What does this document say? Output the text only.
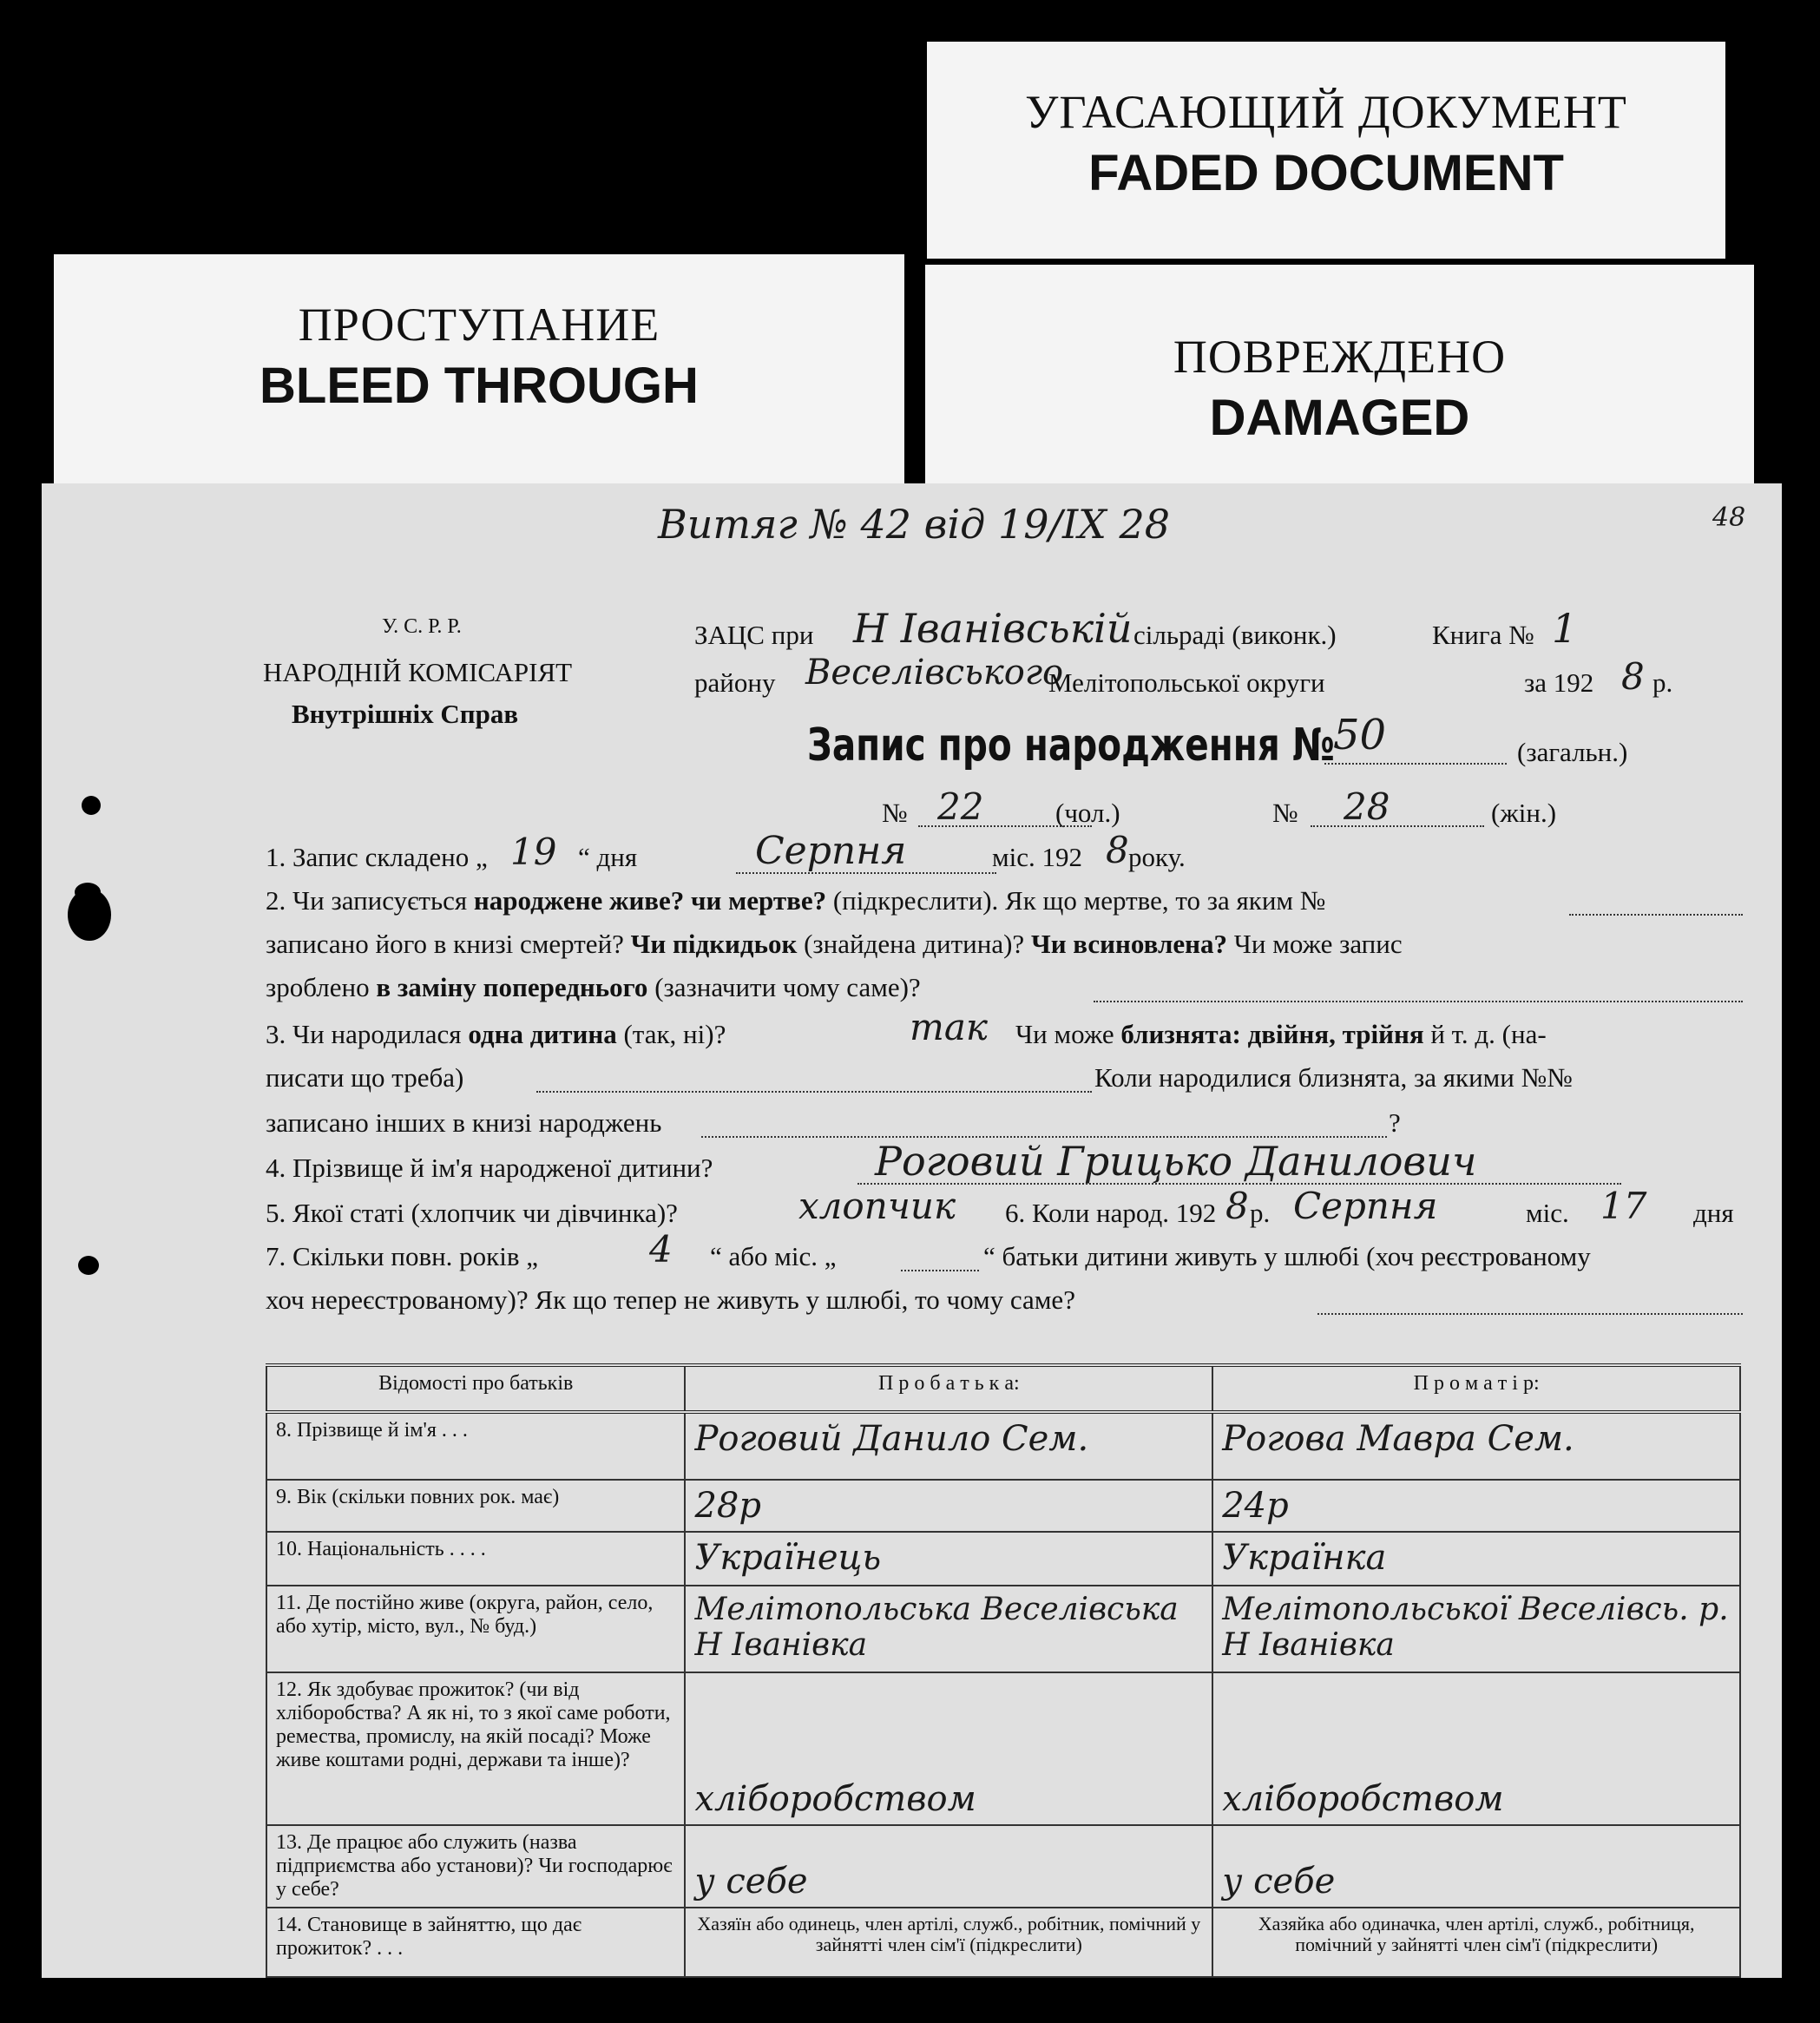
УГАСАЮЩИЙ ДОКУМЕНТ
FADED DOCUMENT
ПРОСТУПАНИЕ
BLEED THROUGH
ПОВРЕЖДЕНО
DAMAGED
Витяг № 42 від 19/IX 28	48
У. С. Р. Р.
НАРОДНІЙ КОМІСАРІЯТ
Внутрішніх Справ
ЗАЦС при Н Іванівській сільраді (виконк.)	Книга № 1
району Веселівського
Мелітопольської округи	за 192 8 р.
Запис про народження №
50	(загальн.)
№ 22	(чол.)	№ 28	(жін.)
1. Запис складено „ 19 “ дня	Серпня	міс. 192 8 року.
2. Чи записується народжене живе? чи мертве? (підкреслити). Як що мертве, то за яким №
записано його в книзі смертей? Чи підкидьок (знайдена дитина)? Чи всиновлена? Чи може запис
зроблено в заміну попереднього (зазначити чому саме)?
3. Чи народилася одна дитина (так, ні)?	так Чи може близнята: двійня, трійня й т. д. (на-
писати що треба)	Коли народилися близнята, за якими №№
записано інших в книзі народжень	?
4. Прізвище й ім'я народженої дитини?	Роговий Грицько Данилович
5. Якої статі (хлопчик чи дівчинка)?	хлопчик 6. Коли народ. 192 8 р. Серпня	міс. 17 дня
7. Скільки повн. років „	4 “ або міс. „	“ батьки дитини живуть у шлюбі (хоч реєстрованому
хоч нереєстрованому)? Як що тепер не живуть у шлюбі, то чому саме?
Відомості про батьків	П р о б а т ь к а:	П р о м а т і р:
8. Прізвище й ім'я . . .	Роговий Данило Сем.	Рогова Мавра Сем.
9. Вік (скільки повних рок. має)	28р	24р
10. Національність . . . .	Українець	Українка
11. Де постійно живе (округа, район, село, або хутір, місто, вул., № буд.)	Мелітопольська Веселівська Н Іванівка	Мелітопольської Веселівсь. р. Н Іванівка
12. Як здобуває прожиток? (чи від хліборобства? А як ні, то з якої саме роботи, ремества, промислу, на якій посаді? Може живе коштами родні, держави та інше)?	хліборобством	хліборобством
13. Де працює або служить (назва підприємства або установи)? Чи господарює у себе?	у себе	у себе
14. Становище в зайняттю, що дає прожиток? . . .	Хазяїн або одинець, член артілі, служб., робітник, помічний у зайнятті член сім'ї (підкреслити)	Хазяйка або одиначка, член артілі, служб., робітниця, помічний у зайнятті член сім'ї (підкреслити)
